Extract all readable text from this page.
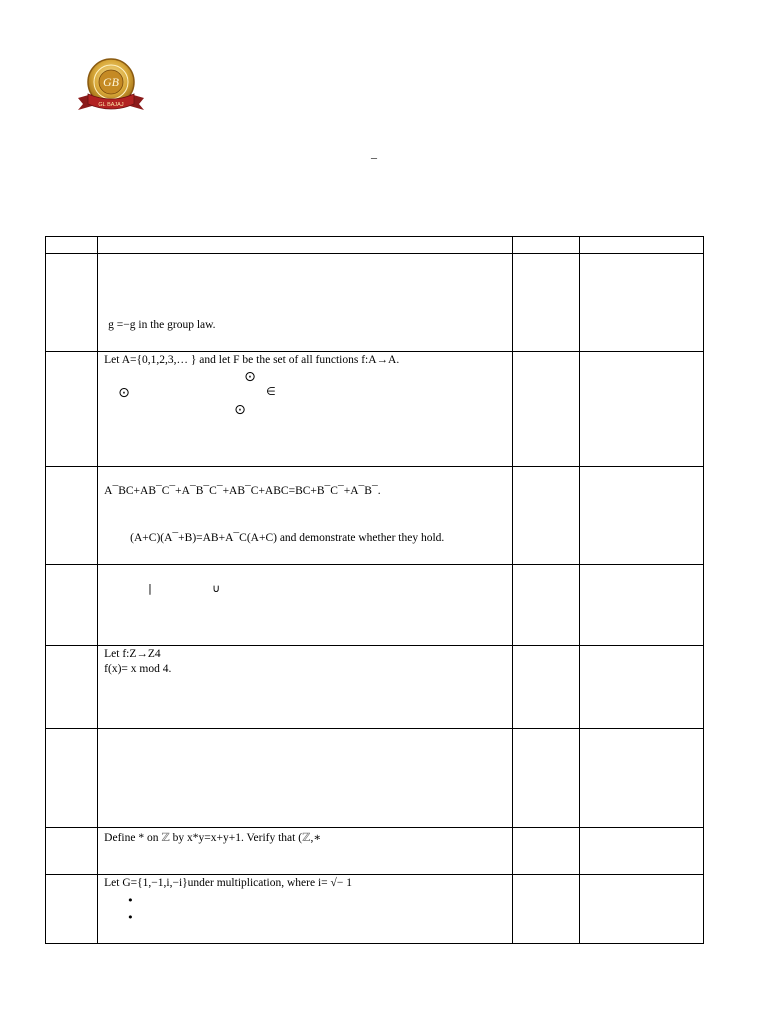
GB
GL BAJAJ
–

	g =−g in the group law.		

	Let A={0,1,2,3,… } and let F be the set of all functions f:A→A.
⊙
⊙ ∈
⊙		

	A¯BC+AB¯C¯+A¯B¯C¯+AB¯C+ABC=BC+B¯C¯+A¯B¯.
(A+C)(A¯+B)=AB+A¯C(A+C) and demonstrate whether they hold.		

	| ∪		

	Let f:Z→Z4
f(x)= x mod 4.		

	Define * on ℤ by x*y=x+y+1. Verify that (ℤ,∗		

	Let G={1,−1,i,−i}under multiplication, where i= √− 1
•
•		
